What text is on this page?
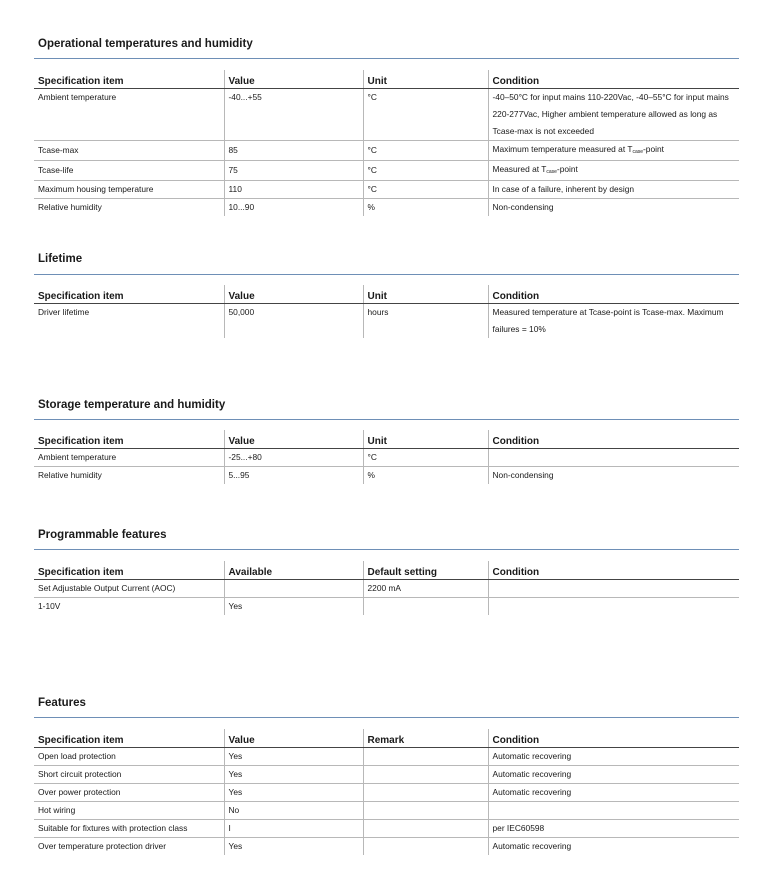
Operational temperatures and humidity
Specification item	Value	Unit	Condition
Ambient temperature	-40...+55	°C	-40–50°C for input mains 110-220Vac, -40–55°C for input mains 220-277Vac, Higher ambient temperature allowed as long as Tcase-max is not exceeded
Tcase-max	85	°C	Maximum temperature measured at $T_{case}$-point
Tcase-life	75	°C	Measured at $T_{case}$-point
Maximum housing temperature	110	°C	In case of a failure, inherent by design
Relative humidity	10...90	%	Non-condensing
Lifetime
Specification item	Value	Unit	Condition
Driver lifetime	50,000	hours	Measured temperature at Tcase-point is Tcase-max. Maximum failures = 10%
Storage temperature and humidity
Specification item	Value	Unit	Condition
Ambient temperature	-25...+80	°C	
Relative humidity	5...95	%	Non-condensing
Programmable features
Specification item	Available	Default setting	Condition
Set Adjustable Output Current (AOC)		2200 mA	
1-10V	Yes		
Features
Specification item	Value	Remark	Condition
Open load protection	Yes		Automatic recovering
Short circuit protection	Yes		Automatic recovering
Over power protection	Yes		Automatic recovering
Hot wiring	No		
Suitable for fixtures with protection class	I		per IEC60598
Over temperature protection driver	Yes		Automatic recovering
